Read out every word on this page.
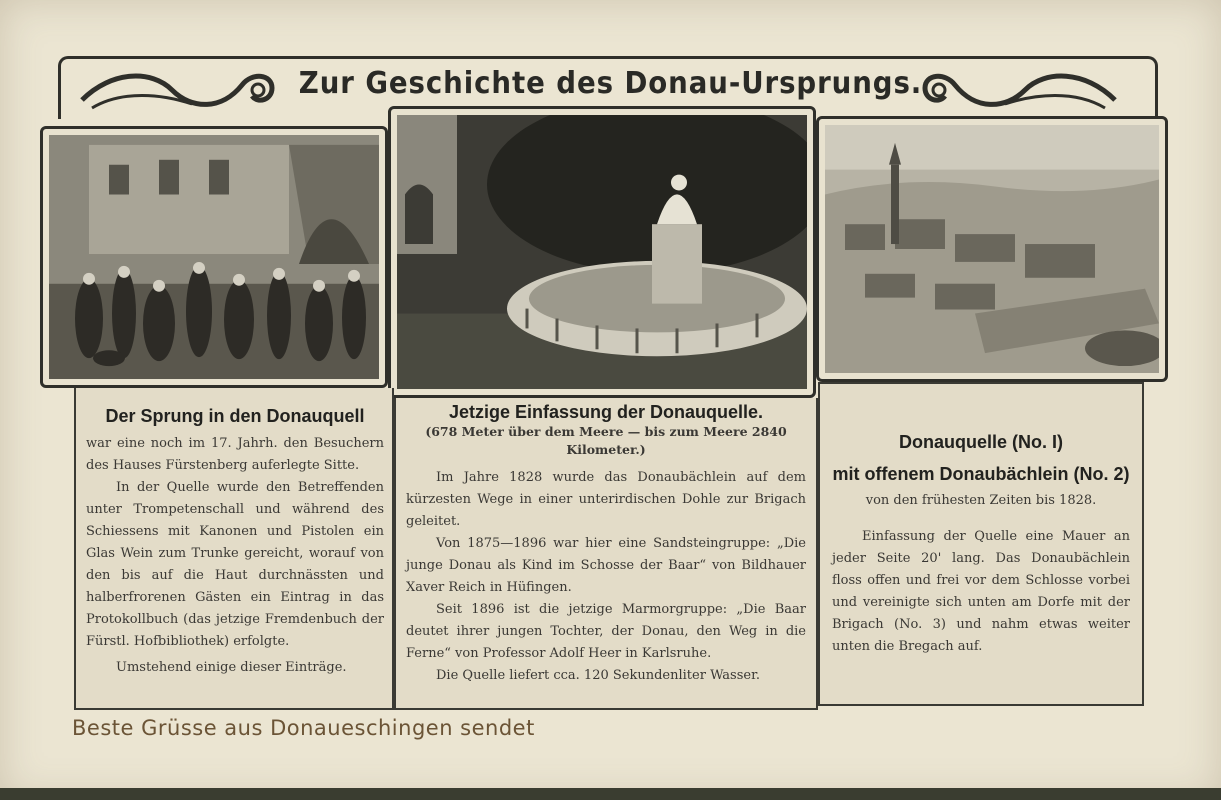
Zur Geschichte des Donau-Ursprungs.
Der Sprung in den Donauquell

war eine noch im 17. Jahrh. den Besuchern des Hauses Fürstenberg auferlegte Sitte.

In der Quelle wurde den Betreffenden unter Trompetenschall und während des Schiessens mit Kanonen und Pistolen ein Glas Wein zum Trunke gereicht, worauf von den bis auf die Haut durchnässten und halberfrorenen Gästen ein Eintrag in das Protokollbuch (das jetzige Fremdenbuch der Fürstl. Hofbibliothek) erfolgte.

Umstehend einige dieser Einträge.

Jetzige Einfassung der Donauquelle.
(678 Meter über dem Meere — bis zum Meere 2840 Kilometer.)

Im Jahre 1828 wurde das Donaubächlein auf dem kürzesten Wege in einer unterirdischen Dohle zur Brigach geleitet.

Von 1875—1896 war hier eine Sandsteingruppe: „Die junge Donau als Kind im Schosse der Baar“ von Bildhauer Xaver Reich in Hüfingen.

Seit 1896 ist die jetzige Marmorgruppe: „Die Baar deutet ihrer jungen Tochter, der Donau, den Weg in die Ferne“ von Professor Adolf Heer in Karlsruhe.

Die Quelle liefert cca. 120 Sekundenliter Wasser.

Donauquelle (No. I)
mit offenem Donaubächlein (No. 2)
von den frühesten Zeiten bis 1828.

Einfassung der Quelle eine Mauer an jeder Seite 20' lang. Das Donaubächlein floss offen und frei vor dem Schlosse vorbei und vereinigte sich unten am Dorfe mit der Brigach (No. 3) und nahm etwas weiter unten die Bregach auf.

Beste Grüsse aus Donaueschingen sendet
